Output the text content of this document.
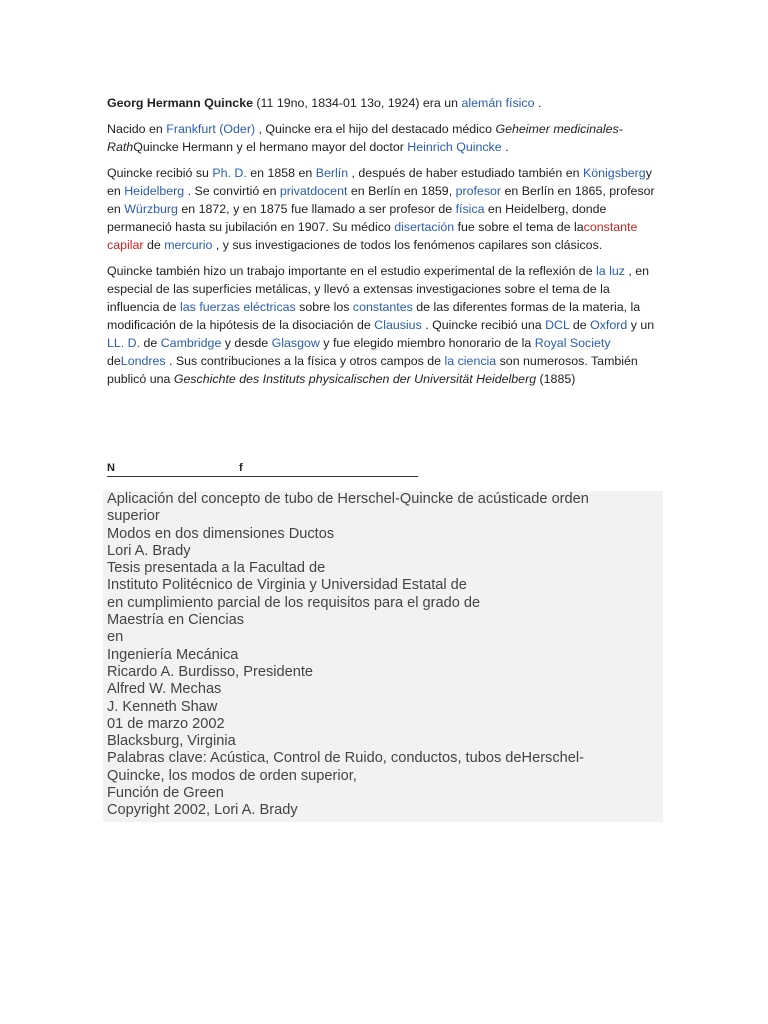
Georg Hermann Quincke (11 19no, 1834-01 13o, 1924) era un alemán físico .

Nacido en Frankfurt (Oder) , Quincke era el hijo del destacado médico Geheimer medicinales-RathQuincke Hermann y el hermano mayor del doctor Heinrich Quincke .

Quincke recibió su Ph. D. en 1858 en Berlín , después de haber estudiado también en Königsbergy en Heidelberg . Se convirtió en privatdocent en Berlín en 1859, profesor en Berlín en 1865, profesor en Würzburg en 1872, y en 1875 fue llamado a ser profesor de física en Heidelberg, donde permaneció hasta su jubilación en 1907. Su médico disertación fue sobre el tema de laconstante capilar de mercurio , y sus investigaciones de todos los fenómenos capilares son clásicos.

Quincke también hizo un trabajo importante en el estudio experimental de la reflexión de la luz , en especial de las superficies metálicas, y llevó a extensas investigaciones sobre el tema de la influencia de las fuerzas eléctricas sobre los constantes de las diferentes formas de la materia, la modificación de la hipótesis de la disociación de Clausius . Quincke recibió una DCL de Oxford y un LL. D. de Cambridge y desde Glasgow y fue elegido miembro honorario de la Royal Society deLondres . Sus contribuciones a la física y otros campos de la ciencia son numerosos. También publicó una Geschichte des Instituts physicalischen der Universität Heidelberg (1885)

N	f
Aplicación del concepto de tubo de Herschel-Quincke de acústicade orden
superior
Modos en dos dimensiones Ductos
Lori A. Brady
Tesis presentada a la Facultad de
Instituto Politécnico de Virginia y Universidad Estatal de
en cumplimiento parcial de los requisitos para el grado de
Maestría en Ciencias
en
Ingeniería Mecánica
Ricardo A. Burdisso, Presidente
Alfred W. Mechas
J. Kenneth Shaw
01 de marzo 2002
Blacksburg, Virginia
Palabras clave: Acústica, Control de Ruido, conductos, tubos deHerschel-
Quincke, los modos de orden superior,
Función de Green
Copyright 2002, Lori A. Brady
